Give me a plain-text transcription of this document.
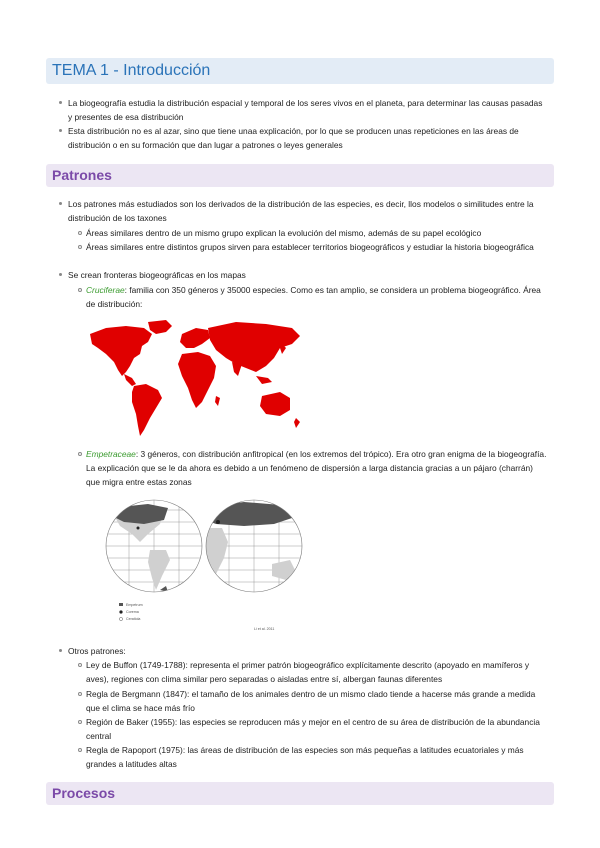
TEMA 1 - Introducción
La biogeografía estudia la distribución espacial y temporal de los seres vivos en el planeta, para determinar las causas pasadas y presentes de esa distribución
Esta distribución no es al azar, sino que tiene unaa explicación, por lo que se producen unas repeticiones en las áreas de distribución o en su formación que dan lugar a patrones o leyes generales
Patrones
Los patrones más estudiados son los derivados de la distribución de las especies, es decir, llos modelos o similitudes entre la distribución de los taxones
Áreas similares dentro de un mismo grupo explican la evolución del mismo, además de su papel ecológico
Áreas similares entre distintos grupos sirven para establecer territorios biogeográficos y estudiar la historia biogeográfica
Se crean fronteras biogeográficas en los mapas
Cruciferae: familia con 350 géneros y 35000 especies. Como es tan amplio, se considera un problema biogeográfico. Área de distribución:
Empetraceae: 3 géneros, con distribución anfitropical (en los extremos del trópico). Era otro gran enigma de la biogeografía. La explicación que se le da ahora es debido a un fenómeno de dispersión a larga distancia gracias a un pájaro (charrán) que migra entre estas zonas
Empetrum
Corema
Ceratiola
Li et al. 2011
Otros patrones:
Ley de Buffon (1749-1788): representa el primer patrón biogeográfico explícitamente descrito (apoyado en mamíferos y aves), regiones con clima similar pero separadas o aisladas entre sí, albergan faunas diferentes
Regla de Bergmann (1847): el tamaño de los animales dentro de un mismo clado tiende a hacerse más grande a medida que el clima se hace más frío
Región de Baker (1955): las especies se reproducen más y mejor en el centro de su área de distribución de la abundancia central
Regla de Rapoport (1975): las áreas de distribución de las especies son más pequeñas a latitudes ecuatoriales y más grandes a latitudes altas
Procesos
